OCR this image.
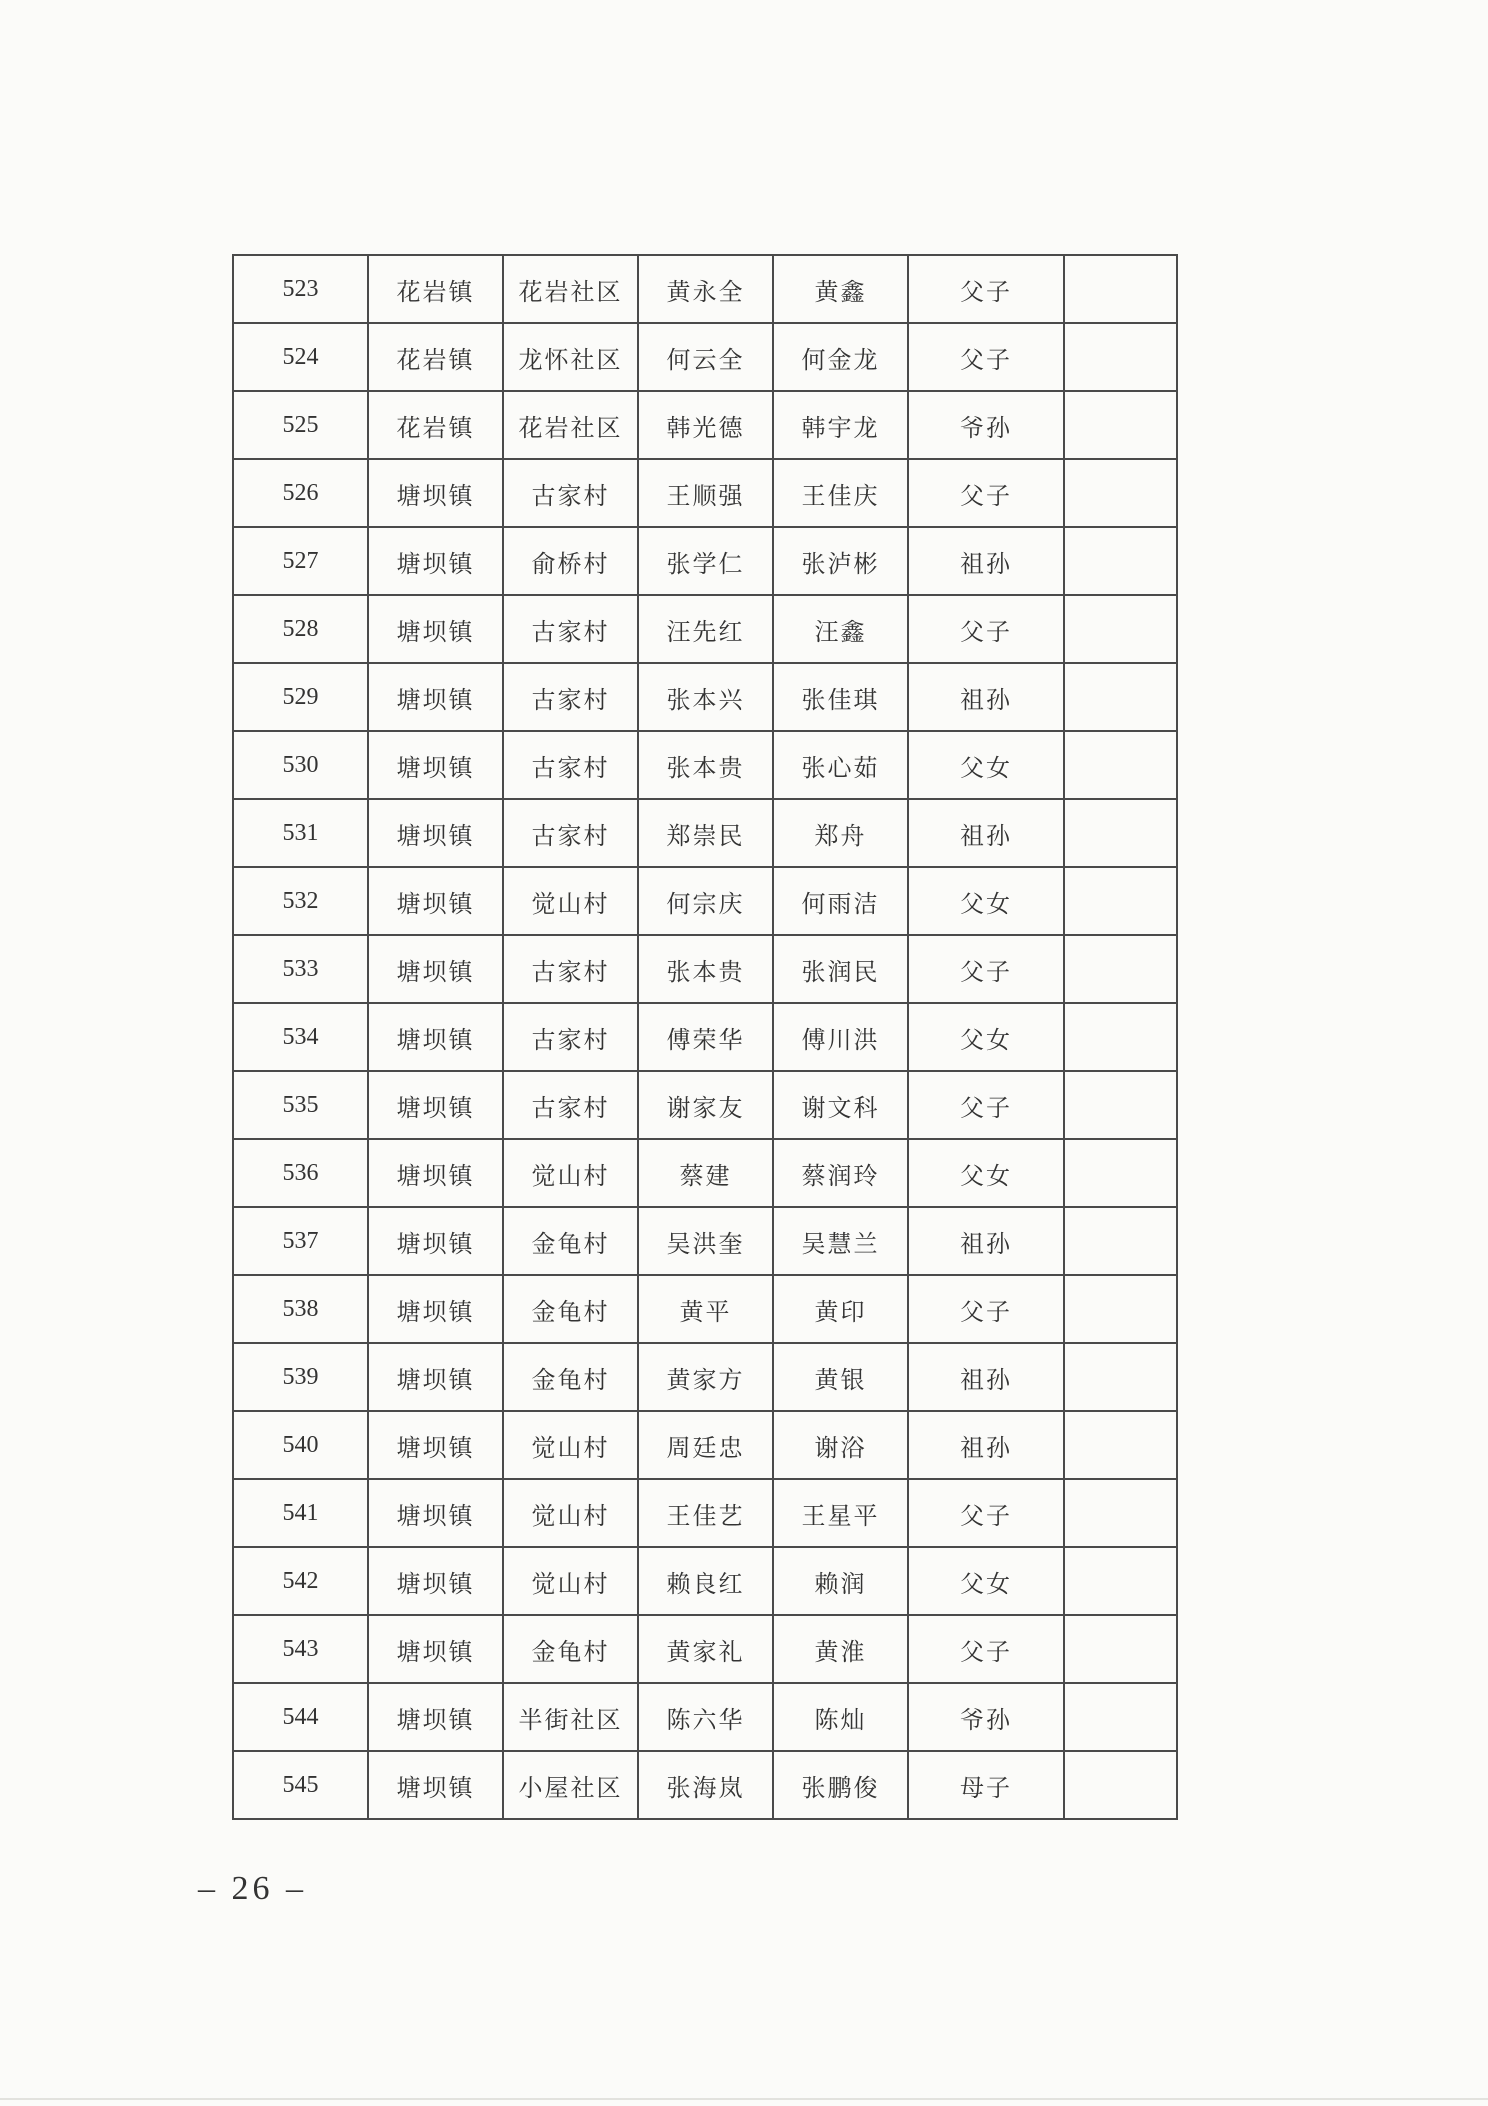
523	花岩镇	花岩社区	黄永全	黄鑫	父子	
524	花岩镇	龙怀社区	何云全	何金龙	父子	
525	花岩镇	花岩社区	韩光德	韩宇龙	爷孙	
526	塘坝镇	古家村	王顺强	王佳庆	父子	
527	塘坝镇	俞桥村	张学仁	张泸彬	祖孙	
528	塘坝镇	古家村	汪先红	汪鑫	父子	
529	塘坝镇	古家村	张本兴	张佳琪	祖孙	
530	塘坝镇	古家村	张本贵	张心茹	父女	
531	塘坝镇	古家村	郑崇民	郑舟	祖孙	
532	塘坝镇	觉山村	何宗庆	何雨洁	父女	
533	塘坝镇	古家村	张本贵	张润民	父子	
534	塘坝镇	古家村	傅荣华	傅川洪	父女	
535	塘坝镇	古家村	谢家友	谢文科	父子	
536	塘坝镇	觉山村	蔡建	蔡润玲	父女	
537	塘坝镇	金龟村	吴洪奎	吴慧兰	祖孙	
538	塘坝镇	金龟村	黄平	黄印	父子	
539	塘坝镇	金龟村	黄家方	黄银	祖孙	
540	塘坝镇	觉山村	周廷忠	谢浴	祖孙	
541	塘坝镇	觉山村	王佳艺	王星平	父子	
542	塘坝镇	觉山村	赖良红	赖润	父女	
543	塘坝镇	金龟村	黄家礼	黄淮	父子	
544	塘坝镇	半街社区	陈六华	陈灿	爷孙	
545	塘坝镇	小屋社区	张海岚	张鹏俊	母子	
– 26 –
